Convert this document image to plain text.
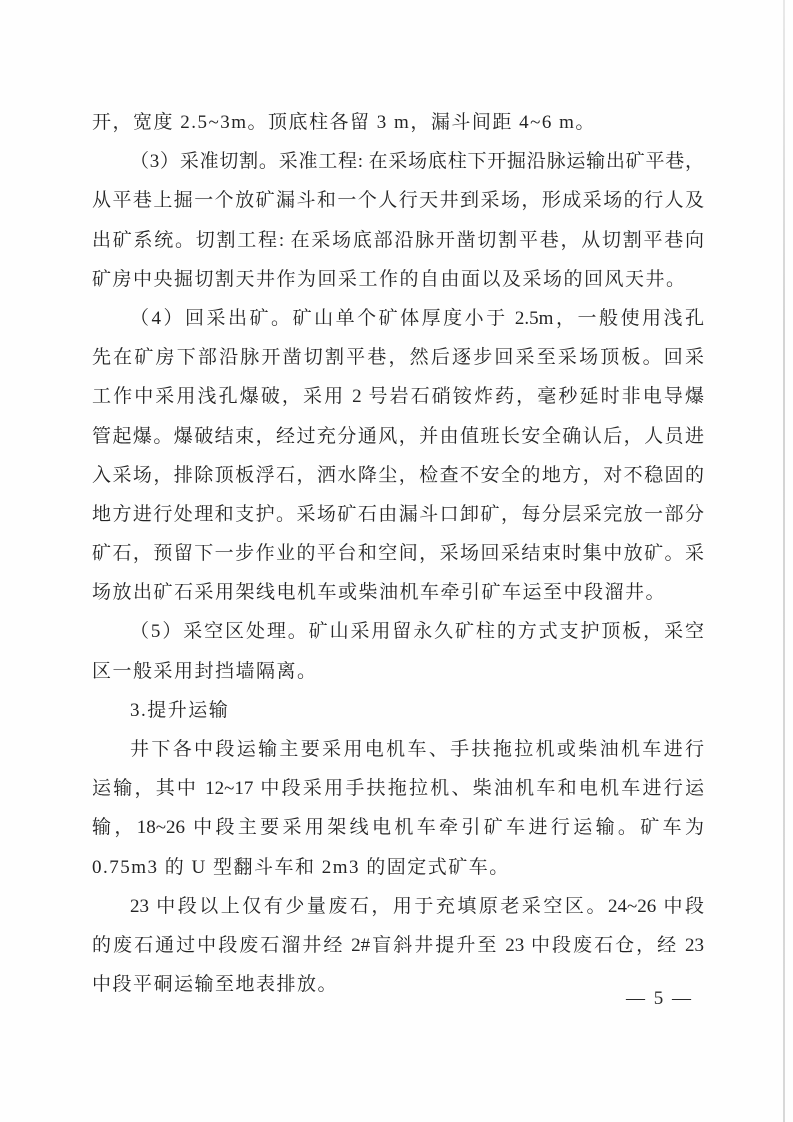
开，宽度 2.5~3m。顶底柱各留 3 m，漏斗间距 4~6 m。
（3）采准切割。采准工程: 在采场底柱下开掘沿脉运输出矿平巷，
从平巷上掘一个放矿漏斗和一个人行天井到采场，形成采场的行人及
出矿系统。切割工程: 在采场底部沿脉开凿切割平巷，从切割平巷向
矿房中央掘切割天井作为回采工作的自由面以及采场的回风天井。
（4）回采出矿。矿山单个矿体厚度小于 2.5m，一般使用浅孔
先在矿房下部沿脉开凿切割平巷，然后逐步回采至采场顶板。回采
工作中采用浅孔爆破，采用 2 号岩石硝铵炸药，毫秒延时非电导爆
管起爆。爆破结束，经过充分通风，并由值班长安全确认后，人员进
入采场，排除顶板浮石，洒水降尘，检查不安全的地方，对不稳固的
地方进行处理和支护。采场矿石由漏斗口卸矿，每分层采完放一部分
矿石，预留下一步作业的平台和空间，采场回采结束时集中放矿。采
场放出矿石采用架线电机车或柴油机车牵引矿车运至中段溜井。
（5）采空区处理。矿山采用留永久矿柱的方式支护顶板，采空
区一般采用封挡墙隔离。
3.提升运输
井下各中段运输主要采用电机车、手扶拖拉机或柴油机车进行
运输，其中 12~17 中段采用手扶拖拉机、柴油机车和电机车进行运
输，18~26 中段主要采用架线电机车牵引矿车进行运输。矿车为
0.75m3 的 U 型翻斗车和 2m3 的固定式矿车。
23 中段以上仅有少量废石，用于充填原老采空区。24~26 中段
的废石通过中段废石溜井经 2#盲斜井提升至 23 中段废石仓，经 23
中段平硐运输至地表排放。
— 5 —
